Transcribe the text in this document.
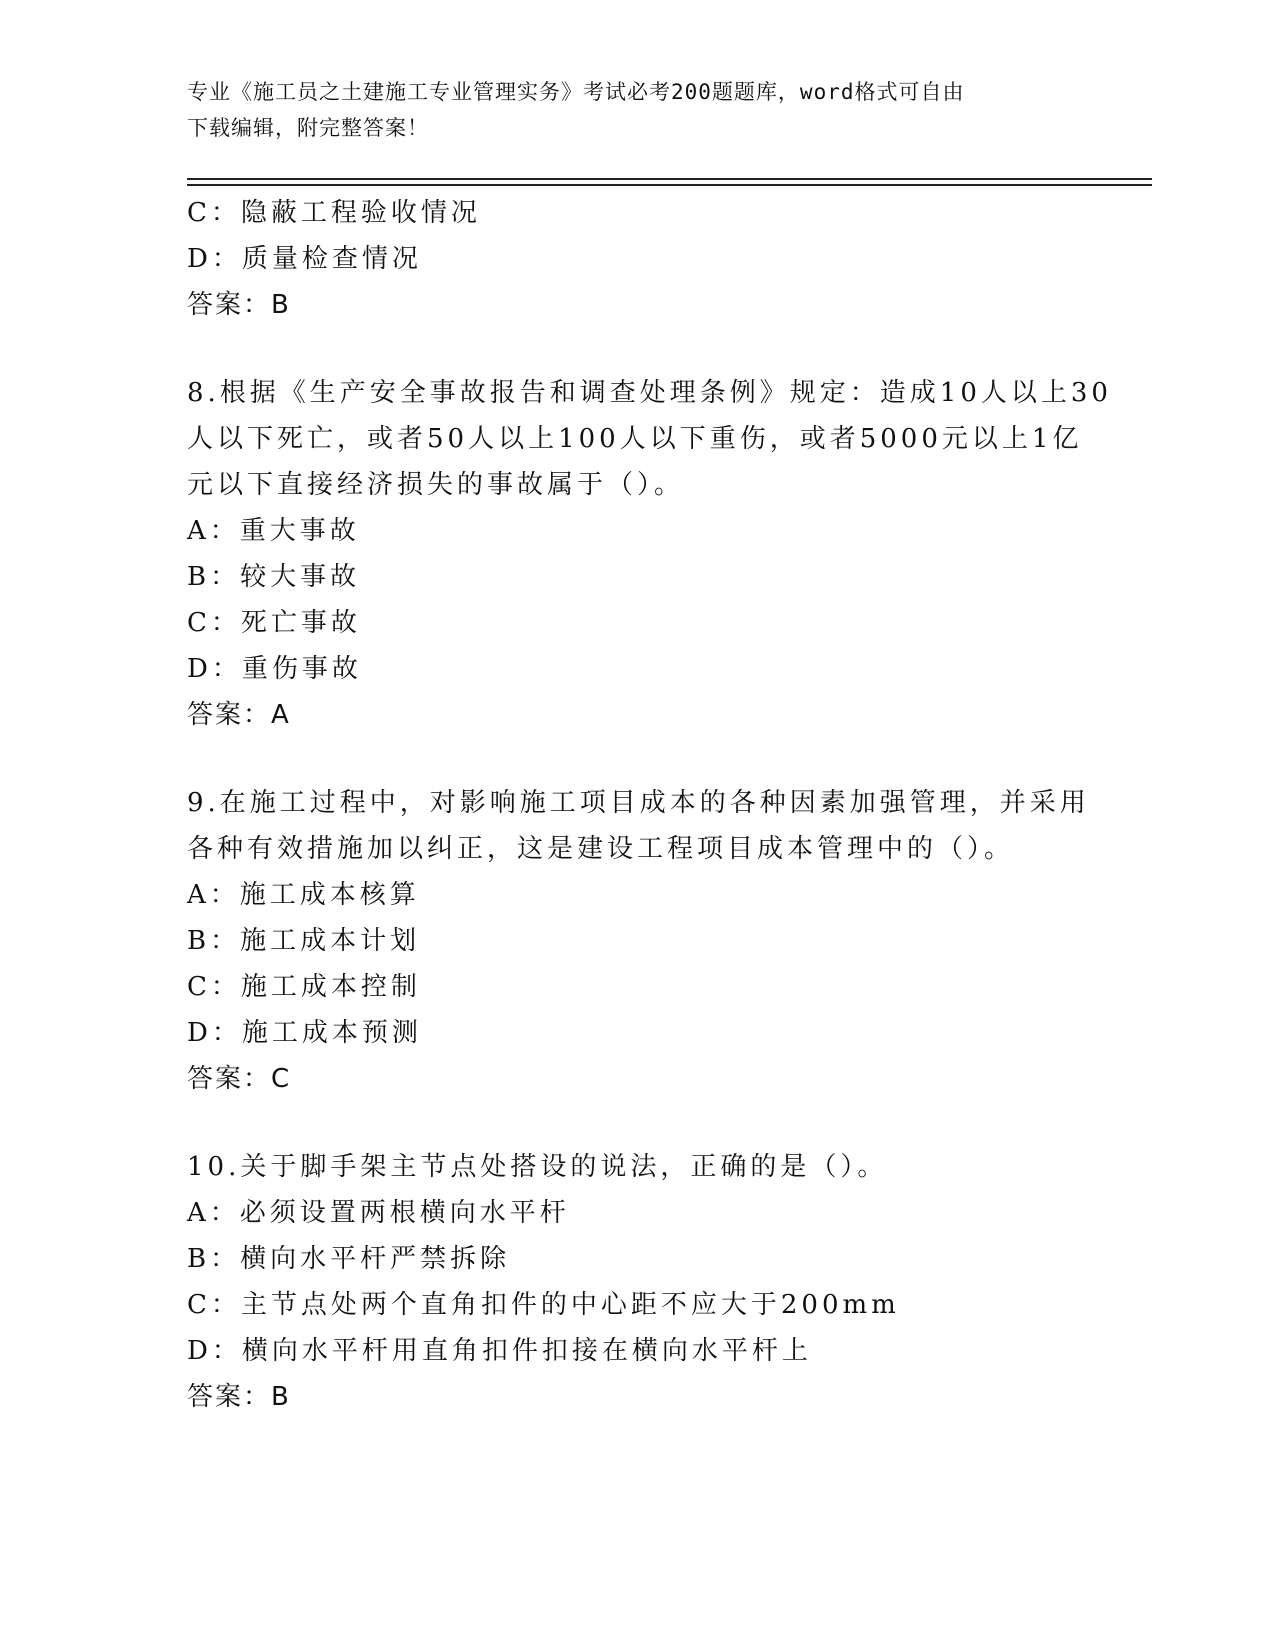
专业《施工员之土建施工专业管理实务》考试必考200题题库，word格式可自由
下载编辑，附完整答案！
C：隐蔽工程验收情况
D：质量检查情况
答案：B
8.根据《生产安全事故报告和调查处理条例》规定：造成10人以上30
人以下死亡，或者50人以上100人以下重伤，或者5000元以上1亿
元以下直接经济损失的事故属于（）。
A：重大事故
B：较大事故
C：死亡事故
D：重伤事故
答案：A
9.在施工过程中，对影响施工项目成本的各种因素加强管理，并采用
各种有效措施加以纠正，这是建设工程项目成本管理中的（）。
A：施工成本核算
B：施工成本计划
C：施工成本控制
D：施工成本预测
答案：C
10.关于脚手架主节点处搭设的说法，正确的是（）。
A：必须设置两根横向水平杆
B：横向水平杆严禁拆除
C：主节点处两个直角扣件的中心距不应大于200mm
D：横向水平杆用直角扣件扣接在横向水平杆上
答案：B
